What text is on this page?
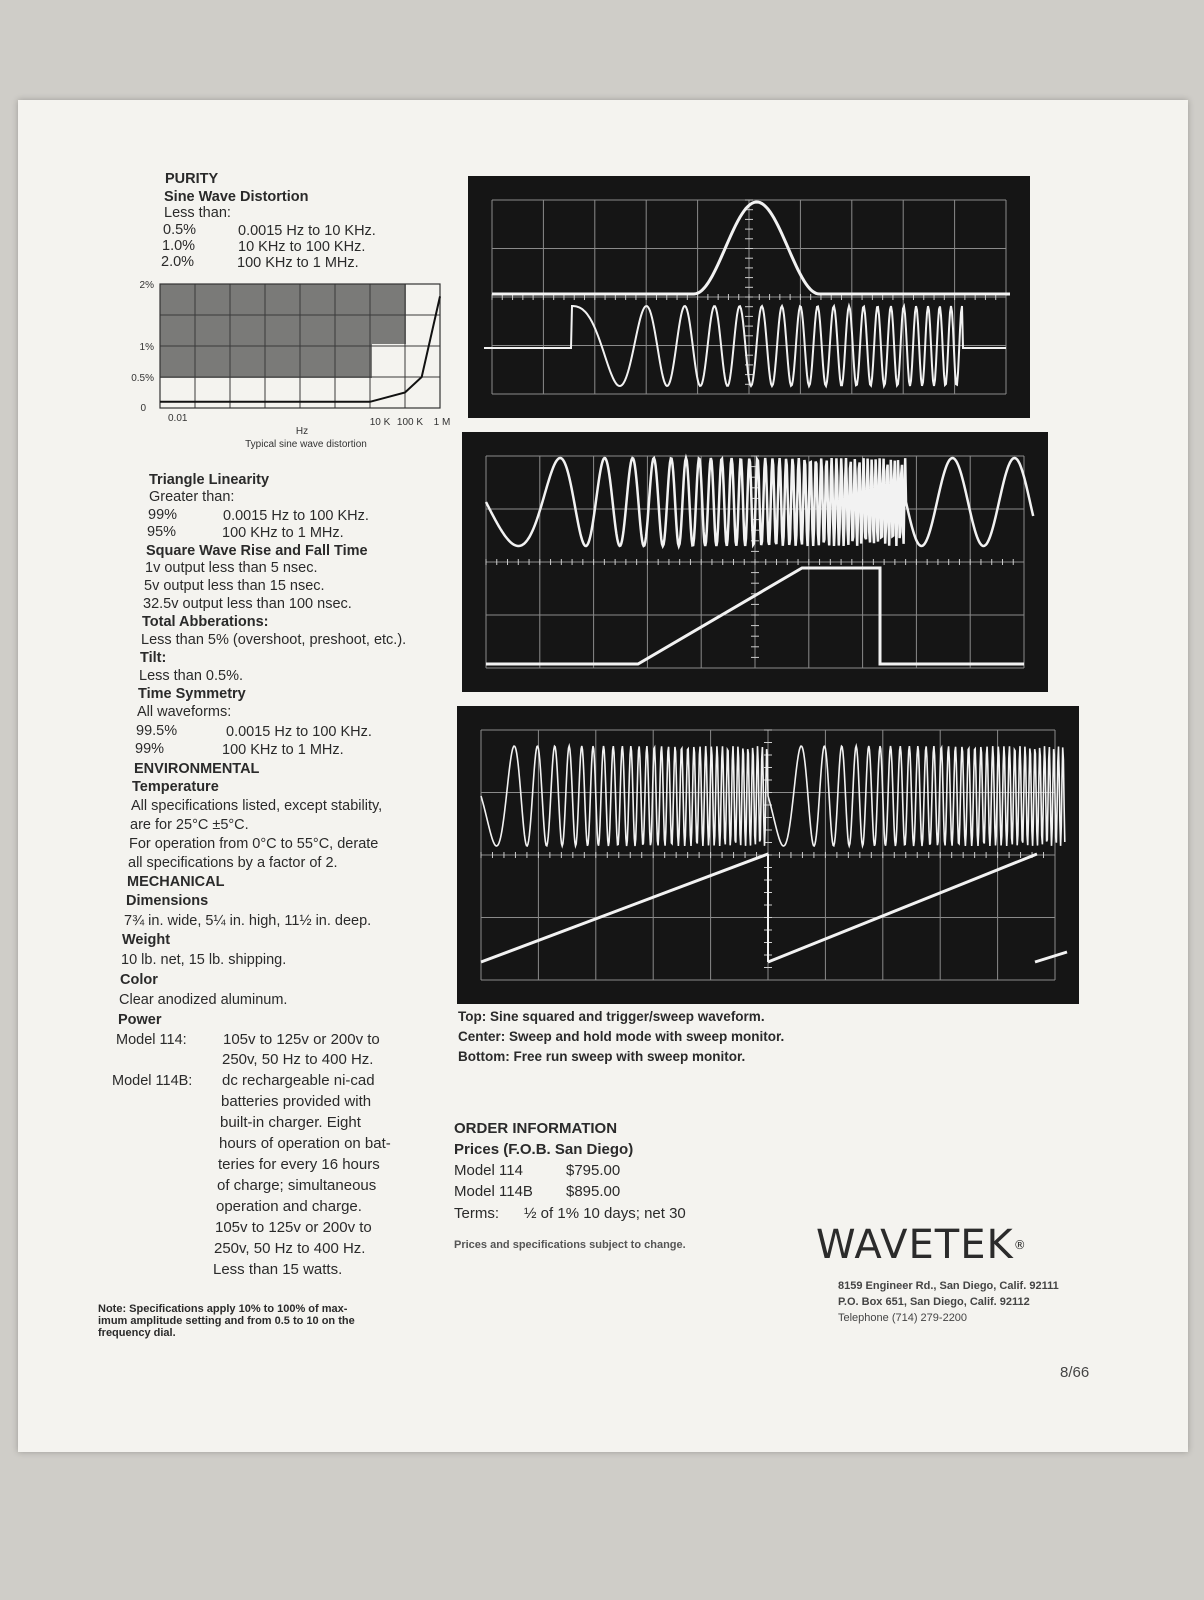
PURITY
Sine Wave Distortion
Less than:
0.5%	0.0015 Hz to 10 KHz.
1.0%	10 KHz to 100 KHz.
2.0%	100 KHz to 1 MHz.
2%
1%
0.5%
0
0.01	10 K 100 K 1 M
Hz
Typical sine wave distortion
Triangle Linearity
Greater than:
99%	0.0015 Hz to 100 KHz.
95%	100 KHz to 1 MHz.
Square Wave Rise and Fall Time
1v output less than 5 nsec.
5v output less than 15 nsec.
32.5v output less than 100 nsec.
Total Abberations:
Less than 5% (overshoot, preshoot, etc.).
Tilt:
Less than 0.5%.
Time Symmetry
All waveforms:
99.5%	0.0015 Hz to 100 KHz.
99%	100 KHz to 1 MHz.
ENVIRONMENTAL
Temperature
All specifications listed, except stability,
are for 25°C ±5°C.
For operation from 0°C to 55°C, derate
all specifications by a factor of 2.
MECHANICAL
Dimensions
7¾ in. wide, 5¼ in. high, 11½ in. deep.
Weight
10 lb. net, 15 lb. shipping.
Color
Clear anodized aluminum.
Power
Model 114: 105v to 125v or 200v to
250v, 50 Hz to 400 Hz.
Model 114B: dc rechargeable ni-cad
batteries provided with
built-in charger. Eight
hours of operation on bat-
teries for every 16 hours
of charge; simultaneous
operation and charge.
105v to 125v or 200v to
250v, 50 Hz to 400 Hz.
Less than 15 watts.
Note: Specifications apply 10% to 100% of max-
imum amplitude setting and from 0.5 to 10 on the
frequency dial.
Top: Sine squared and trigger/sweep waveform.
Center: Sweep and hold mode with sweep monitor.
Bottom: Free run sweep with sweep monitor.
ORDER INFORMATION
Prices (F.O.B. San Diego)
Model 114	$795.00
Model 114B $895.00
Terms: ½ of 1% 10 days; net 30
Prices and specifications subject to change.	WAVETEK®
8159 Engineer Rd., San Diego, Calif. 92111
P.O. Box 651, San Diego, Calif. 92112
Telephone (714) 279-2200
8/66
